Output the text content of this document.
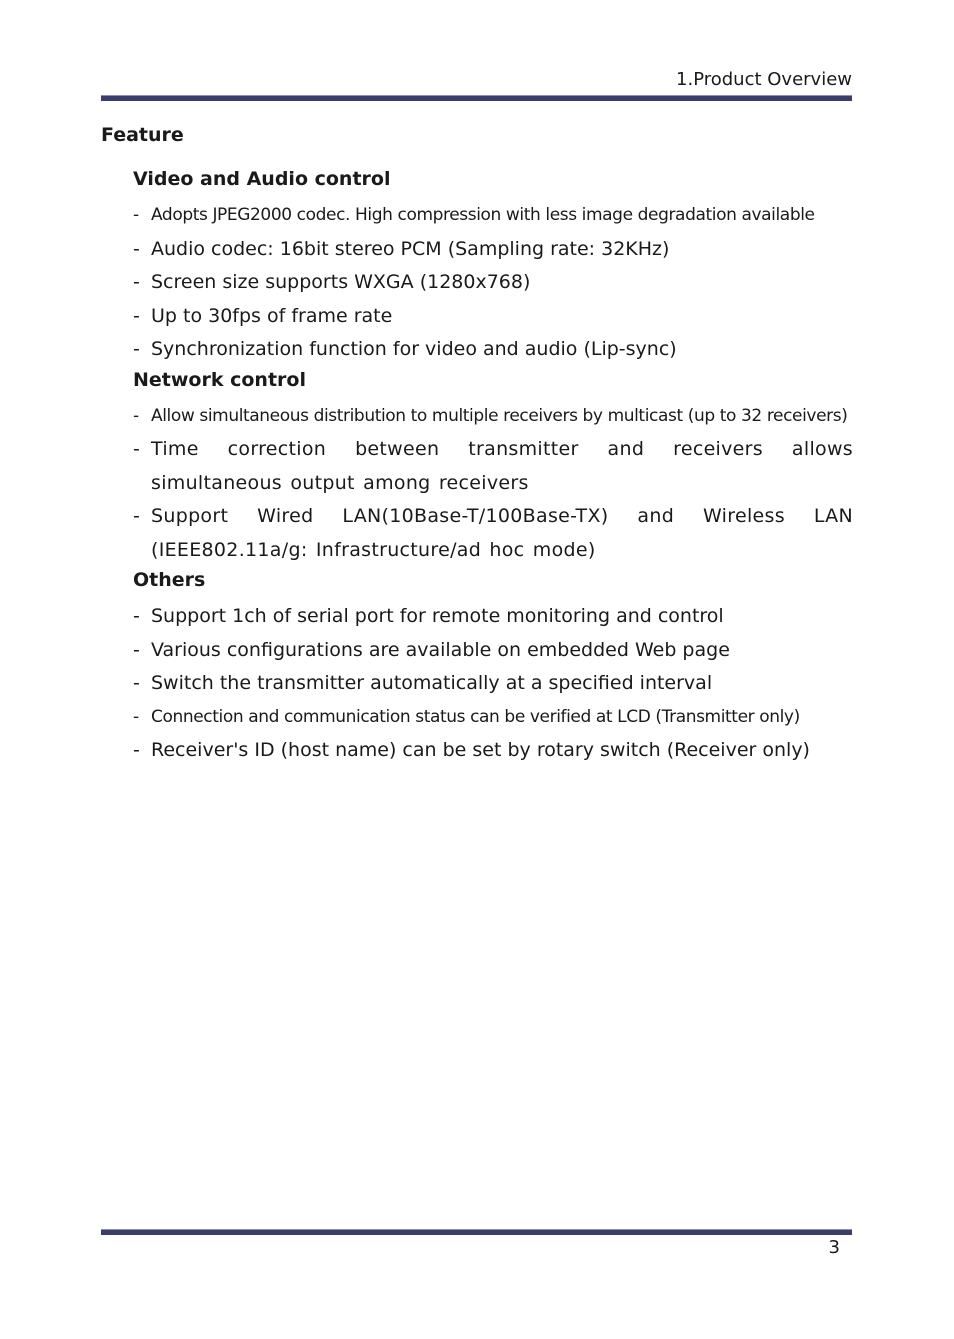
1.Product Overview
Feature
Video and Audio control
- Adopts JPEG2000 codec. High compression with less image degradation available
- Audio codec: 16bit stereo PCM (Sampling rate: 32KHz)
- Screen size supports WXGA (1280x768)
- Up to 30fps of frame rate
- Synchronization function for video and audio (Lip-sync)
Network control
- Allow simultaneous distribution to multiple receivers by multicast (up to 32 receivers)
- Time correction between transmitter and receivers allows simultaneous output among receivers
- Support Wired LAN(10Base-T/100Base-TX) and Wireless LAN (IEEE802.11a/g: Infrastructure/ad hoc mode)
Others
- Support 1ch of serial port for remote monitoring and control
- Various configurations are available on embedded Web page
- Switch the transmitter automatically at a specified interval
- Connection and communication status can be verified at LCD (Transmitter only)
- Receiver's ID (host name) can be set by rotary switch (Receiver only)
3
